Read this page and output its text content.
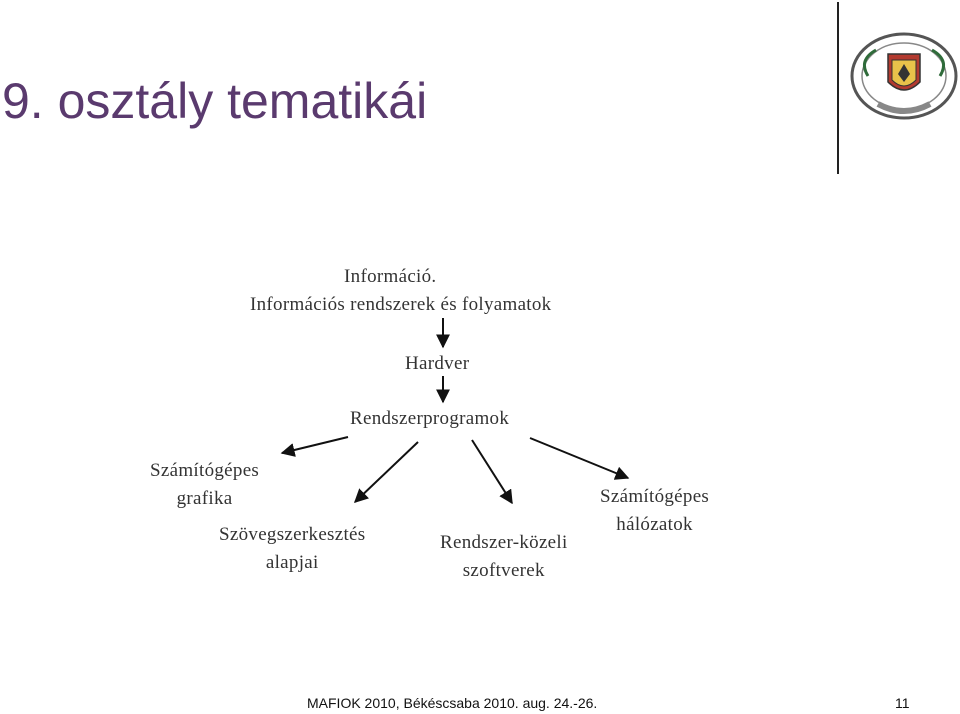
9. osztály tematikái
Információ.
Információs rendszerek és folyamatok
Hardver
Rendszerprogramok
Számítógépes
grafika
Szövegszerkesztés
alapjai
Rendszer-közeli
szoftverek
Számítógépes
hálózatok
MAFIOK 2010, Békéscsaba 2010. aug. 24.-26.	11
